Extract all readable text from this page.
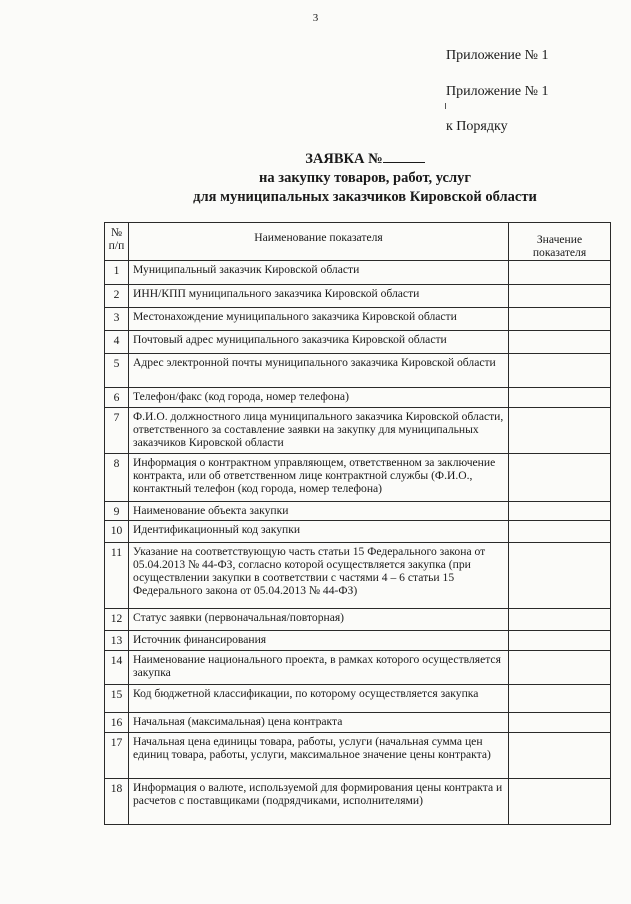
3
Приложение № 1
Приложение № 1
к Порядку
ЗАЯВКА №
на закупку товаров, работ, услуг
для муниципальных заказчиков Кировской области
№ п/п	Наименование показателя	Значение показателя
1	Муниципальный заказчик Кировской области	
2	ИНН/КПП муниципального заказчика Кировской области	
3	Местонахождение муниципального заказчика Кировской области	
4	Почтовый адрес муниципального заказчика Кировской области	
5	Адрес электронной почты муниципального заказчика Кировской области	
6	Телефон/факс (код города, номер телефона)	
7	Ф.И.О. должностного лица муниципального заказчика Кировской области, ответственного за составление заявки на закупку для муниципальных заказчиков Кировской области	
8	Информация о контрактном управляющем, ответственном за заключение контракта, или об ответственном лице контрактной службы (Ф.И.О., контактный телефон (код города, номер телефона)	
9	Наименование объекта закупки	
10	Идентификационный код закупки	
11	Указание на соответствующую часть статьи 15 Федерального закона от 05.04.2013 № 44-ФЗ, согласно которой осуществляется закупка (при осуществлении закупки в соответствии с частями 4 – 6 статьи 15 Федерального закона от 05.04.2013 № 44-ФЗ)	
12	Статус заявки (первоначальная/повторная)	
13	Источник финансирования	
14	Наименование национального проекта, в рамках которого осуществляется закупка	
15	Код бюджетной классификации, по которому осуществляется закупка	
16	Начальная (максимальная) цена контракта	
17	Начальная цена единицы товара, работы, услуги (начальная сумма цен единиц товара, работы, услуги, максимальное значение цены контракта)	
18	Информация о валюте, используемой для формирования цены контракта и расчетов с поставщиками (подрядчиками, исполнителями)	
